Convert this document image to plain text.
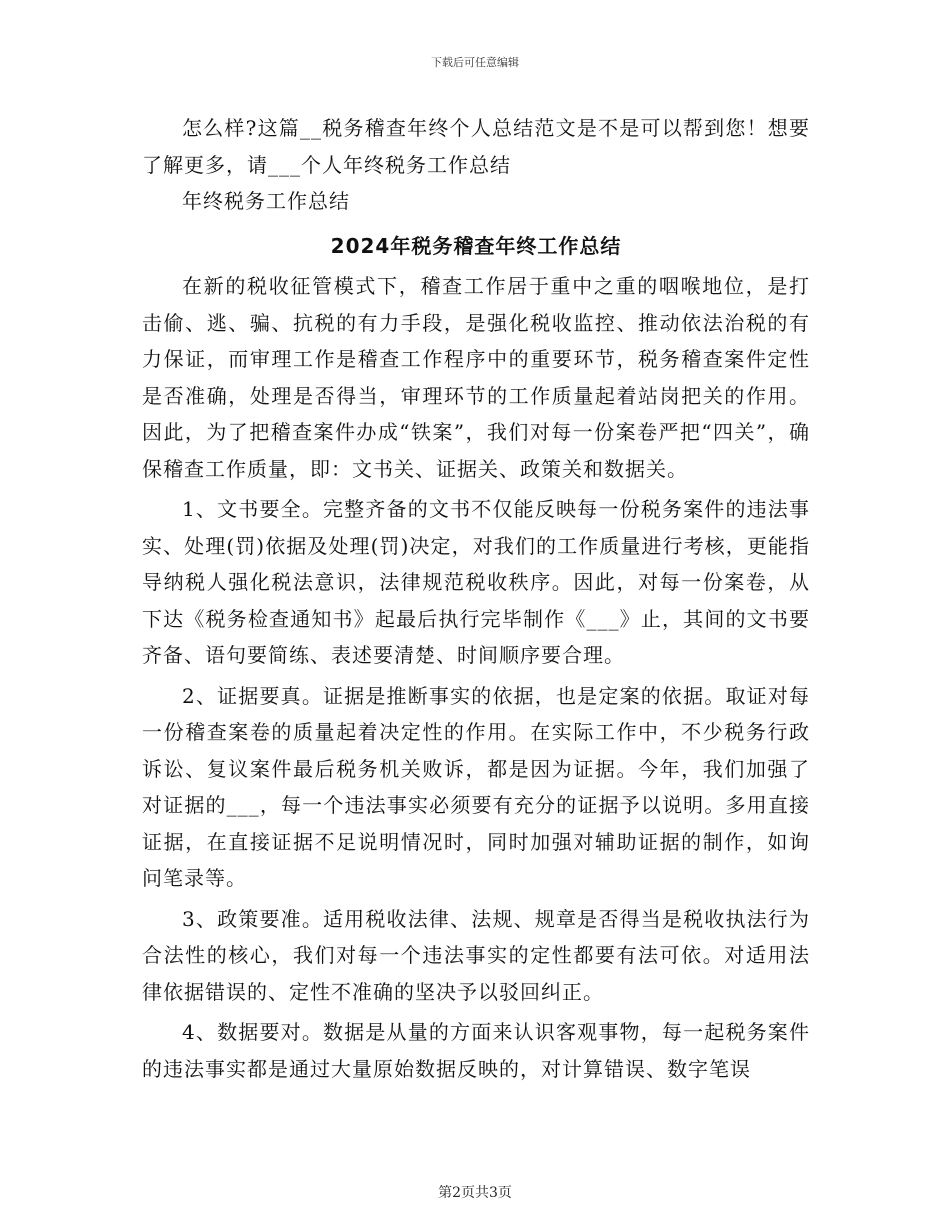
下载后可任意编辑

怎么样?这篇__税务稽查年终个人总结范文是不是可以帮到您！想要了解更多，请___个人年终税务工作总结

年终税务工作总结

2024年税务稽查年终工作总结

在新的税收征管模式下，稽查工作居于重中之重的咽喉地位，是打击偷、逃、骗、抗税的有力手段，是强化税收监控、推动依法治税的有力保证，而审理工作是稽查工作程序中的重要环节，税务稽查案件定性是否准确，处理是否得当，审理环节的工作质量起着站岗把关的作用。因此，为了把稽查案件办成“铁案”，我们对每一份案卷严把“四关”，确保稽查工作质量，即：文书关、证据关、政策关和数据关。

1、文书要全。完整齐备的文书不仅能反映每一份税务案件的违法事实、处理(罚)依据及处理(罚)决定，对我们的工作质量进行考核，更能指导纳税人强化税法意识，法律规范税收秩序。因此，对每一份案卷，从下达《税务检查通知书》起最后执行完毕制作《___》止，其间的文书要齐备、语句要简练、表述要清楚、时间顺序要合理。

2、证据要真。证据是推断事实的依据，也是定案的依据。取证对每一份稽查案卷的质量起着决定性的作用。在实际工作中，不少税务行政诉讼、复议案件最后税务机关败诉，都是因为证据。今年，我们加强了对证据的___，每一个违法事实必须要有充分的证据予以说明。多用直接证据，在直接证据不足说明情况时，同时加强对辅助证据的制作，如询问笔录等。

3、政策要准。适用税收法律、法规、规章是否得当是税收执法行为合法性的核心，我们对每一个违法事实的定性都要有法可依。对适用法律依据错误的、定性不准确的坚决予以驳回纠正。

4、数据要对。数据是从量的方面来认识客观事物，每一起税务案件的违法事实都是通过大量原始数据反映的，对计算错误、数字笔误

第2页共3页
